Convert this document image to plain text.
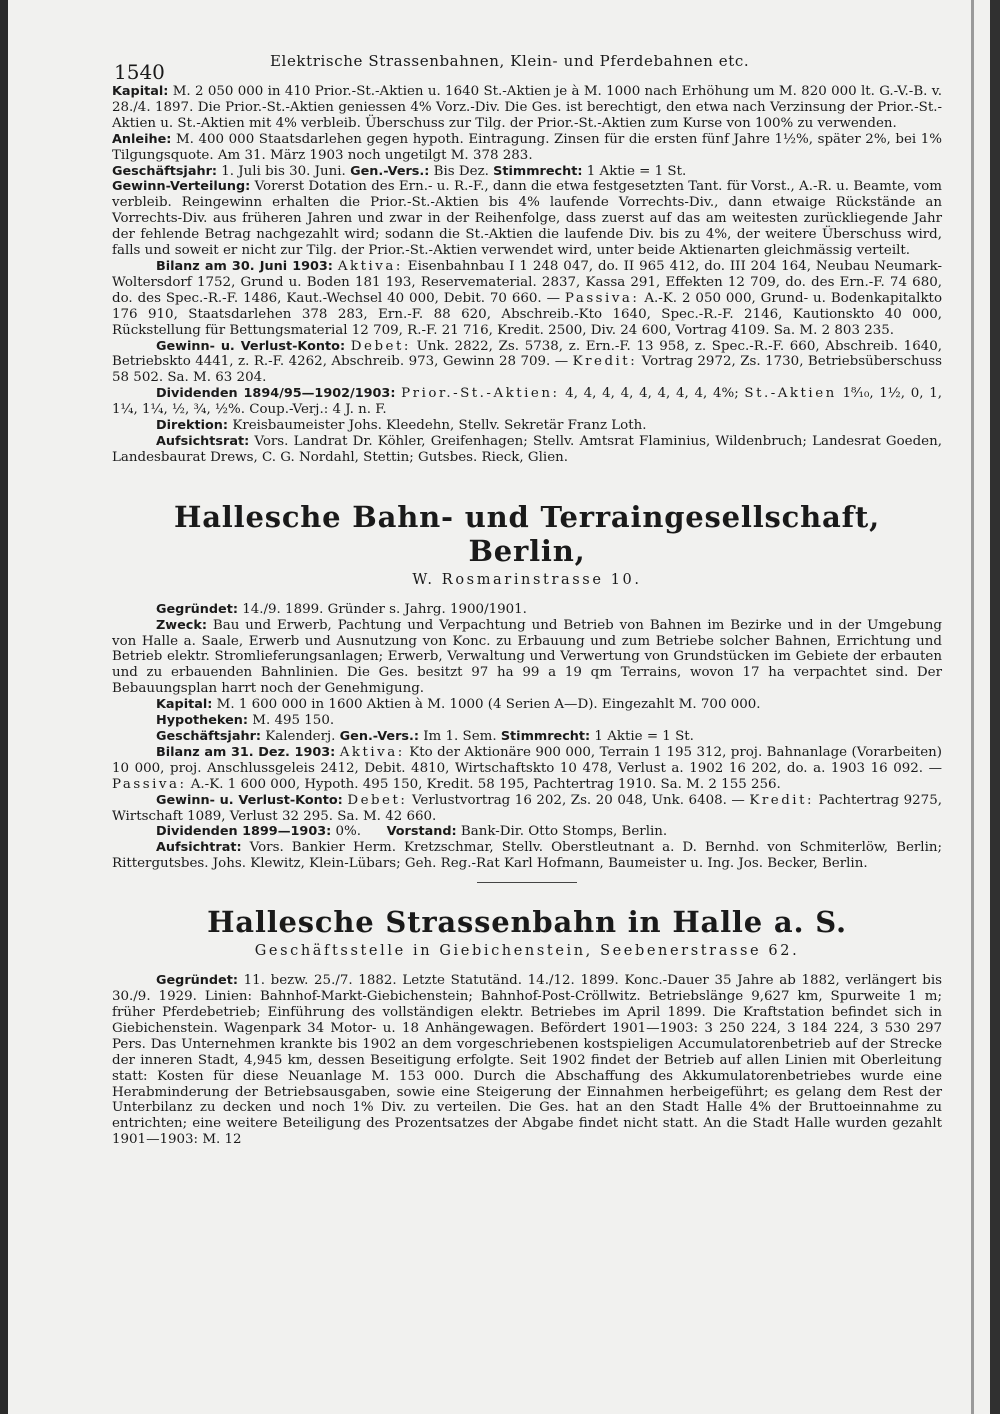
1540	Elektrische Strassenbahnen, Klein- und Pferdebahnen etc.

Kapital: M. 2 050 000 in 410 Prior.-St.-Aktien u. 1640 St.-Aktien je à M. 1000 nach Erhöhung um M. 820 000 lt. G.-V.-B. v. 28./4. 1897. Die Prior.-St.-Aktien geniessen 4% Vorz.-Div. Die Ges. ist berechtigt, den etwa nach Verzinsung der Prior.-St.-Aktien u. St.-Aktien mit 4% verbleib. Überschuss zur Tilg. der Prior.-St.-Aktien zum Kurse von 100% zu verwenden.

Anleihe: M. 400 000 Staatsdarlehen gegen hypoth. Eintragung. Zinsen für die ersten fünf Jahre 1½%, später 2%, bei 1% Tilgungsquote. Am 31. März 1903 noch ungetilgt M. 378 283.

Geschäftsjahr: 1. Juli bis 30. Juni. Gen.-Vers.: Bis Dez. Stimmrecht: 1 Aktie = 1 St.

Gewinn-Verteilung: Vorerst Dotation des Ern.- u. R.-F., dann die etwa festgesetzten Tant. für Vorst., A.-R. u. Beamte, vom verbleib. Reingewinn erhalten die Prior.-St.-Aktien bis 4% laufende Vorrechts-Div., dann etwaige Rückstände an Vorrechts-Div. aus früheren Jahren und zwar in der Reihenfolge, dass zuerst auf das am weitesten zurückliegende Jahr der fehlende Betrag nachgezahlt wird; sodann die St.-Aktien die laufende Div. bis zu 4%, der weitere Überschuss wird, falls und soweit er nicht zur Tilg. der Prior.-St.-Aktien verwendet wird, unter beide Aktienarten gleichmässig verteilt.

Bilanz am 30. Juni 1903: Aktiva: Eisenbahnbau I 1 248 047, do. II 965 412, do. III 204 164, Neubau Neumark-Woltersdorf 1752, Grund u. Boden 181 193, Reservematerial. 2837, Kassa 291, Effekten 12 709, do. des Ern.-F. 74 680, do. des Spec.-R.-F. 1486, Kaut.-Wechsel 40 000, Debit. 70 660. — Passiva: A.-K. 2 050 000, Grund- u. Bodenkapitalkto 176 910, Staatsdarlehen 378 283, Ern.-F. 88 620, Abschreib.-Kto 1640, Spec.-R.-F. 2146, Kautionskto 40 000, Rückstellung für Bettungsmaterial 12 709, R.-F. 21 716, Kredit. 2500, Div. 24 600, Vortrag 4109. Sa. M. 2 803 235.

Gewinn- u. Verlust-Konto: Debet: Unk. 2822, Zs. 5738, z. Ern.-F. 13 958, z. Spec.-R.-F. 660, Abschreib. 1640, Betriebskto 4441, z. R.-F. 4262, Abschreib. 973, Gewinn 28 709. — Kredit: Vortrag 2972, Zs. 1730, Betriebsüberschuss 58 502. Sa. M. 63 204.

Dividenden 1894/95—1902/1903: Prior.-St.-Aktien: 4, 4, 4, 4, 4, 4, 4, 4, 4%; St.-Aktien 1⁸⁄₁₀, 1½, 0, 1, 1¼, 1¼, ½, ¾, ½%. Coup.-Verj.: 4 J. n. F.

Direktion: Kreisbaumeister Johs. Kleedehn, Stellv. Sekretär Franz Loth.

Aufsichtsrat: Vors. Landrat Dr. Köhler, Greifenhagen; Stellv. Amtsrat Flaminius, Wildenbruch; Landesrat Goeden, Landesbaurat Drews, C. G. Nordahl, Stettin; Gutsbes. Rieck, Glien.

Hallesche Bahn- und Terraingesellschaft, Berlin,
W. Rosmarinstrasse 10.

Gegründet: 14./9. 1899. Gründer s. Jahrg. 1900/1901.

Zweck: Bau und Erwerb, Pachtung und Verpachtung und Betrieb von Bahnen im Bezirke und in der Umgebung von Halle a. Saale, Erwerb und Ausnutzung von Konc. zu Erbauung und zum Betriebe solcher Bahnen, Errichtung und Betrieb elektr. Stromlieferungsanlagen; Erwerb, Verwaltung und Verwertung von Grundstücken im Gebiete der erbauten und zu erbauenden Bahnlinien. Die Ges. besitzt 97 ha 99 a 19 qm Terrains, wovon 17 ha verpachtet sind. Der Bebauungsplan harrt noch der Genehmigung.

Kapital: M. 1 600 000 in 1600 Aktien à M. 1000 (4 Serien A—D). Eingezahlt M. 700 000.

Hypotheken: M. 495 150.

Geschäftsjahr: Kalenderj. Gen.-Vers.: Im 1. Sem. Stimmrecht: 1 Aktie = 1 St.

Bilanz am 31. Dez. 1903: Aktiva: Kto der Aktionäre 900 000, Terrain 1 195 312, proj. Bahnanlage (Vorarbeiten) 10 000, proj. Anschlussgeleis 2412, Debit. 4810, Wirtschaftskto 10 478, Verlust a. 1902 16 202, do. a. 1903 16 092. — Passiva: A.-K. 1 600 000, Hypoth. 495 150, Kredit. 58 195, Pachtertrag 1910. Sa. M. 2 155 256.

Gewinn- u. Verlust-Konto: Debet: Verlustvortrag 16 202, Zs. 20 048, Unk. 6408. — Kredit: Pachtertrag 9275, Wirtschaft 1089, Verlust 32 295. Sa. M. 42 660.

Dividenden 1899—1903: 0%. Vorstand: Bank-Dir. Otto Stomps, Berlin.

Aufsichtrat: Vors. Bankier Herm. Kretzschmar, Stellv. Oberstleutnant a. D. Bernhd. von Schmiterlöw, Berlin; Rittergutsbes. Johs. Klewitz, Klein-Lübars; Geh. Reg.-Rat Karl Hofmann, Baumeister u. Ing. Jos. Becker, Berlin.

Hallesche Strassenbahn in Halle a. S.
Geschäftsstelle in Giebichenstein, Seebenerstrasse 62.

Gegründet: 11. bezw. 25./7. 1882. Letzte Statutänd. 14./12. 1899. Konc.-Dauer 35 Jahre ab 1882, verlängert bis 30./9. 1929. Linien: Bahnhof-Markt-Giebichenstein; Bahnhof-Post-Cröllwitz. Betriebslänge 9,627 km, Spurweite 1 m; früher Pferdebetrieb; Einführung des vollständigen elektr. Betriebes im April 1899. Die Kraftstation befindet sich in Giebichenstein. Wagenpark 34 Motor- u. 18 Anhängewagen. Befördert 1901—1903: 3 250 224, 3 184 224, 3 530 297 Pers. Das Unternehmen krankte bis 1902 an dem vorgeschriebenen kostspieligen Accumulatorenbetrieb auf der Strecke der inneren Stadt, 4,945 km, dessen Beseitigung erfolgte. Seit 1902 findet der Betrieb auf allen Linien mit Oberleitung statt: Kosten für diese Neuanlage M. 153 000. Durch die Abschaffung des Akkumulatorenbetriebes wurde eine Herabminderung der Betriebsausgaben, sowie eine Steigerung der Einnahmen herbeigeführt; es gelang dem Rest der Unterbilanz zu decken und noch 1% Div. zu verteilen. Die Ges. hat an den Stadt Halle 4% der Bruttoeinnahme zu entrichten; eine weitere Beteiligung des Prozentsatzes der Abgabe findet nicht statt. An die Stadt Halle wurden gezahlt 1901—1903: M. 12
